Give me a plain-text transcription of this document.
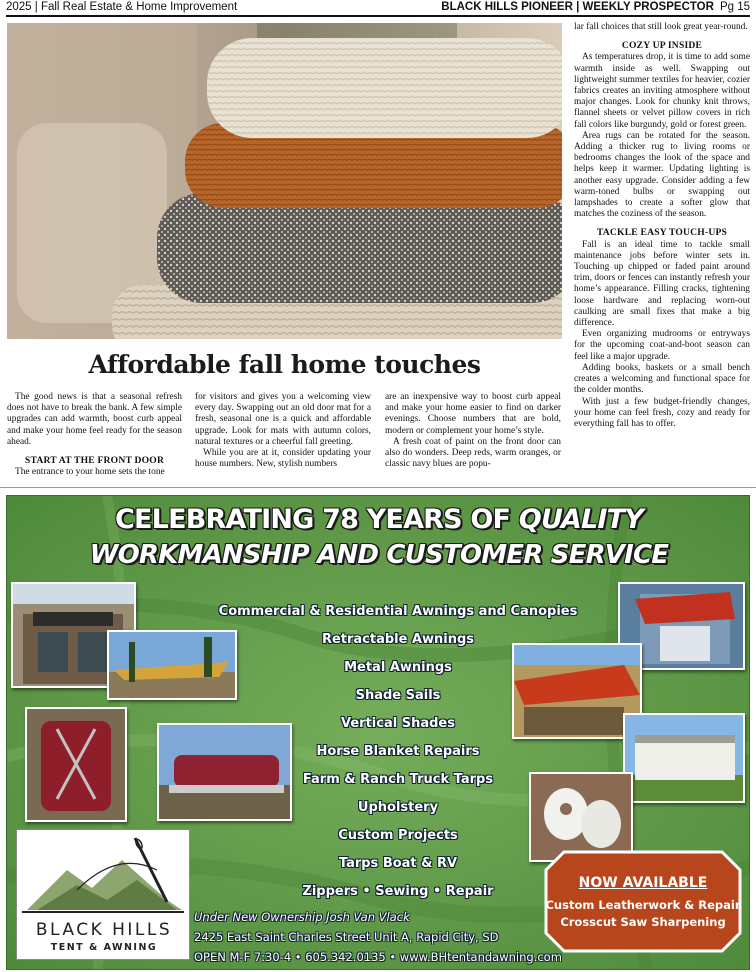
2025 | Fall Real Estate & Home Improvement	BLACK HILLS PIONEER | WEEKLY PROSPECTOR Pg 15
Affordable fall home touches

The good news is that a seasonal refresh does not have to break the bank. A few simple upgrades can add warmth, boost curb appeal and make your home feel ready for the season ahead.

START AT THE FRONT DOOR

The entrance to your home sets the tone

for visitors and gives you a welcoming view every day. Swapping out an old door mat for a fresh, seasonal one is a quick and affordable upgrade. Look for mats with autumn colors, natural textures or a cheerful fall greeting.

While you are at it, consider updating your house numbers. New, stylish numbers

are an inexpensive way to boost curb appeal and make your home easier to find on darker evenings. Choose numbers that are bold, modern or complement your home’s style.

A fresh coat of paint on the front door can also do wonders. Deep reds, warm oranges, or classic navy blues are popu-

lar fall choices that still look great year-round.

COZY UP INSIDE

As temperatures drop, it is time to add some warmth inside as well. Swapping out lightweight summer textiles for heavier, cozier fabrics creates an inviting atmosphere without major changes. Look for chunky knit throws, flannel sheets or velvet pillow covers in rich fall colors like burgundy, gold or forest green.

Area rugs can be rotated for the season. Adding a thicker rug to living rooms or bedrooms changes the look of the space and helps keep it warmer. Updating lighting is another easy upgrade. Consider adding a few warm-toned bulbs or swapping out lampshades to create a softer glow that matches the coziness of the season.

TACKLE EASY TOUCH-UPS

Fall is an ideal time to tackle small maintenance jobs before winter sets in. Touching up chipped or faded paint around trim, doors or fences can instantly refresh your home’s appearance. Filling cracks, tightening loose hardware and replacing worn-out caulking are small fixes that make a big difference.

Even organizing mudrooms or entryways for the upcoming coat-and-boot season can feel like a major upgrade.

Adding books, baskets or a small bench creates a welcoming and functional space for the colder months.

With just a few budget-friendly changes, your home can feel fresh, cozy and ready for everything fall has to offer.

CELEBRATING 78 YEARS OF QUALITY
WORKMANSHIP AND CUSTOMER SERVICE
Commercial & Residential Awnings and Canopies
Retractable Awnings
Metal Awnings
Shade Sails
Vertical Shades
Horse Blanket Repairs
Farm & Ranch Truck Tarps
Upholstery
Custom Projects
Tarps Boat & RV
Zippers • Sewing • Repair
BLACK HILLS
TENT & AWNING
Under New Ownership Josh Van Vlack
2425 East Saint Charles Street Unit A, Rapid City, SD
OPEN M-F 7:30-4 • 605.342.0135 • www.BHtentandawning.com
NOW AVAILABLE
Custom Leatherwork & Repair
Crosscut Saw Sharpening
